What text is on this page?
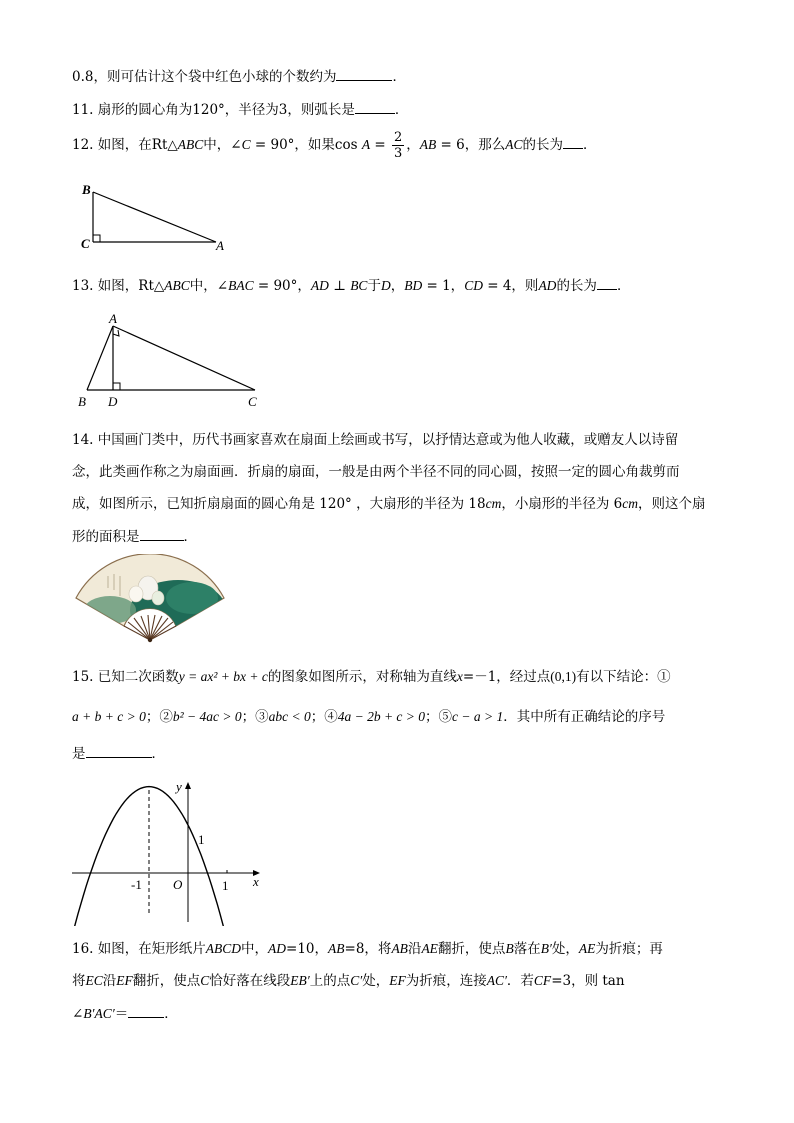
0.8，则可估计这个袋中红色小球的个数约为	．
11. 扇形的圆心角为120°，半径为3，则弧长是	．
12. 如图，在Rt△ABC中，∠C = 90°，如果$\cos A = \frac{2}{3}$ ，AB = 6，那么AC的长为 ．
B
C	A
13. 如图，Rt△ABC中，∠BAC = 90°，AD ⊥ BC于D，BD = 1，CD = 4，则AD的长为 ．
A
B D	C
14. 中国画门类中，历代书画家喜欢在扇面上绘画或书写，以抒情达意或为他人收藏，或赠友人以诗留
念，此类画作称之为扇面画．折扇的扇面，一般是由两个半径不同的同心圆，按照一定的圆心角裁剪而
成，如图所示，已知折扇扇面的圆心角是 120° ，大扇形的半径为 18cm，小扇形的半径为 6cm，则这个扇
形的面积是	．
15. 已知二次函数y = ax² + bx + c的图象如图所示，对称轴为直线x=－1，经过点(0,1)有以下结论：①
a + b + c > 0；②b² − 4ac > 0；③abc < 0；④4a − 2b + c > 0；⑤c − a > 1．其中所有正确结论的序号
是	．
y
x
1
-1 O	1
16. 如图，在矩形纸片ABCD中，AD=10，AB=8，将AB沿AE翻折，使点B落在B′处，AE为折痕；再
将EC沿EF翻折，使点C恰好落在线段EB′上的点C′处，EF为折痕，连接AC′．若CF=3，则 tan
∠B′AC′＝	．
